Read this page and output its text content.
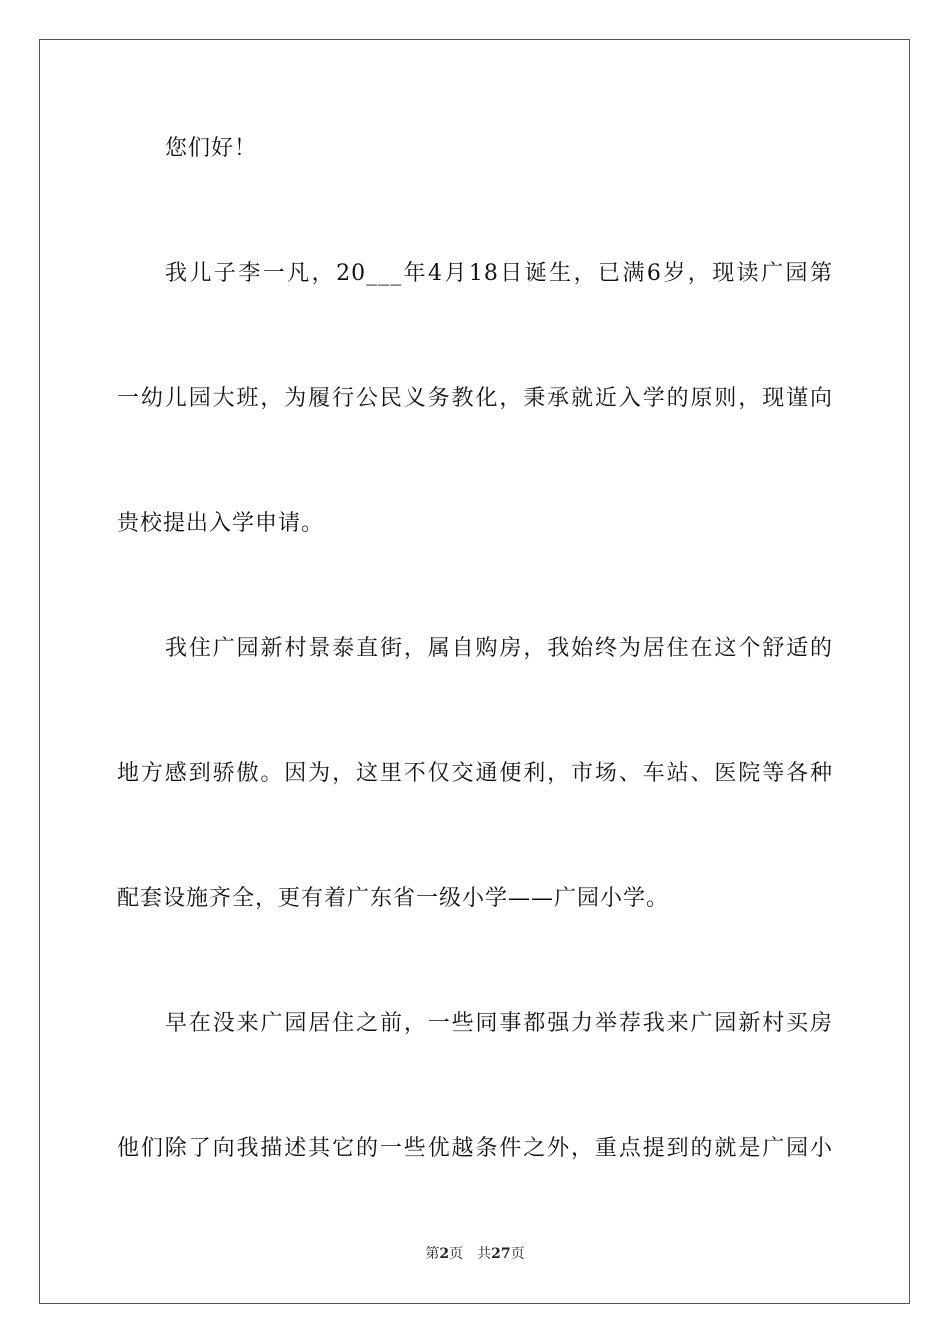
您们好！
我儿子李一凡，20___年4月18日诞生，已满6岁，现读广园第
一幼儿园大班，为履行公民义务教化，秉承就近入学的原则，现谨向
贵校提出入学申请。
我住广园新村景泰直街，属自购房，我始终为居住在这个舒适的
地方感到骄傲。因为，这里不仅交通便利，市场、车站、医院等各种
配套设施齐全，更有着广东省一级小学——广园小学。
早在没来广园居住之前，一些同事都强力举荐我来广园新村买房
他们除了向我描述其它的一些优越条件之外，重点提到的就是广园小
第2页 共27页
